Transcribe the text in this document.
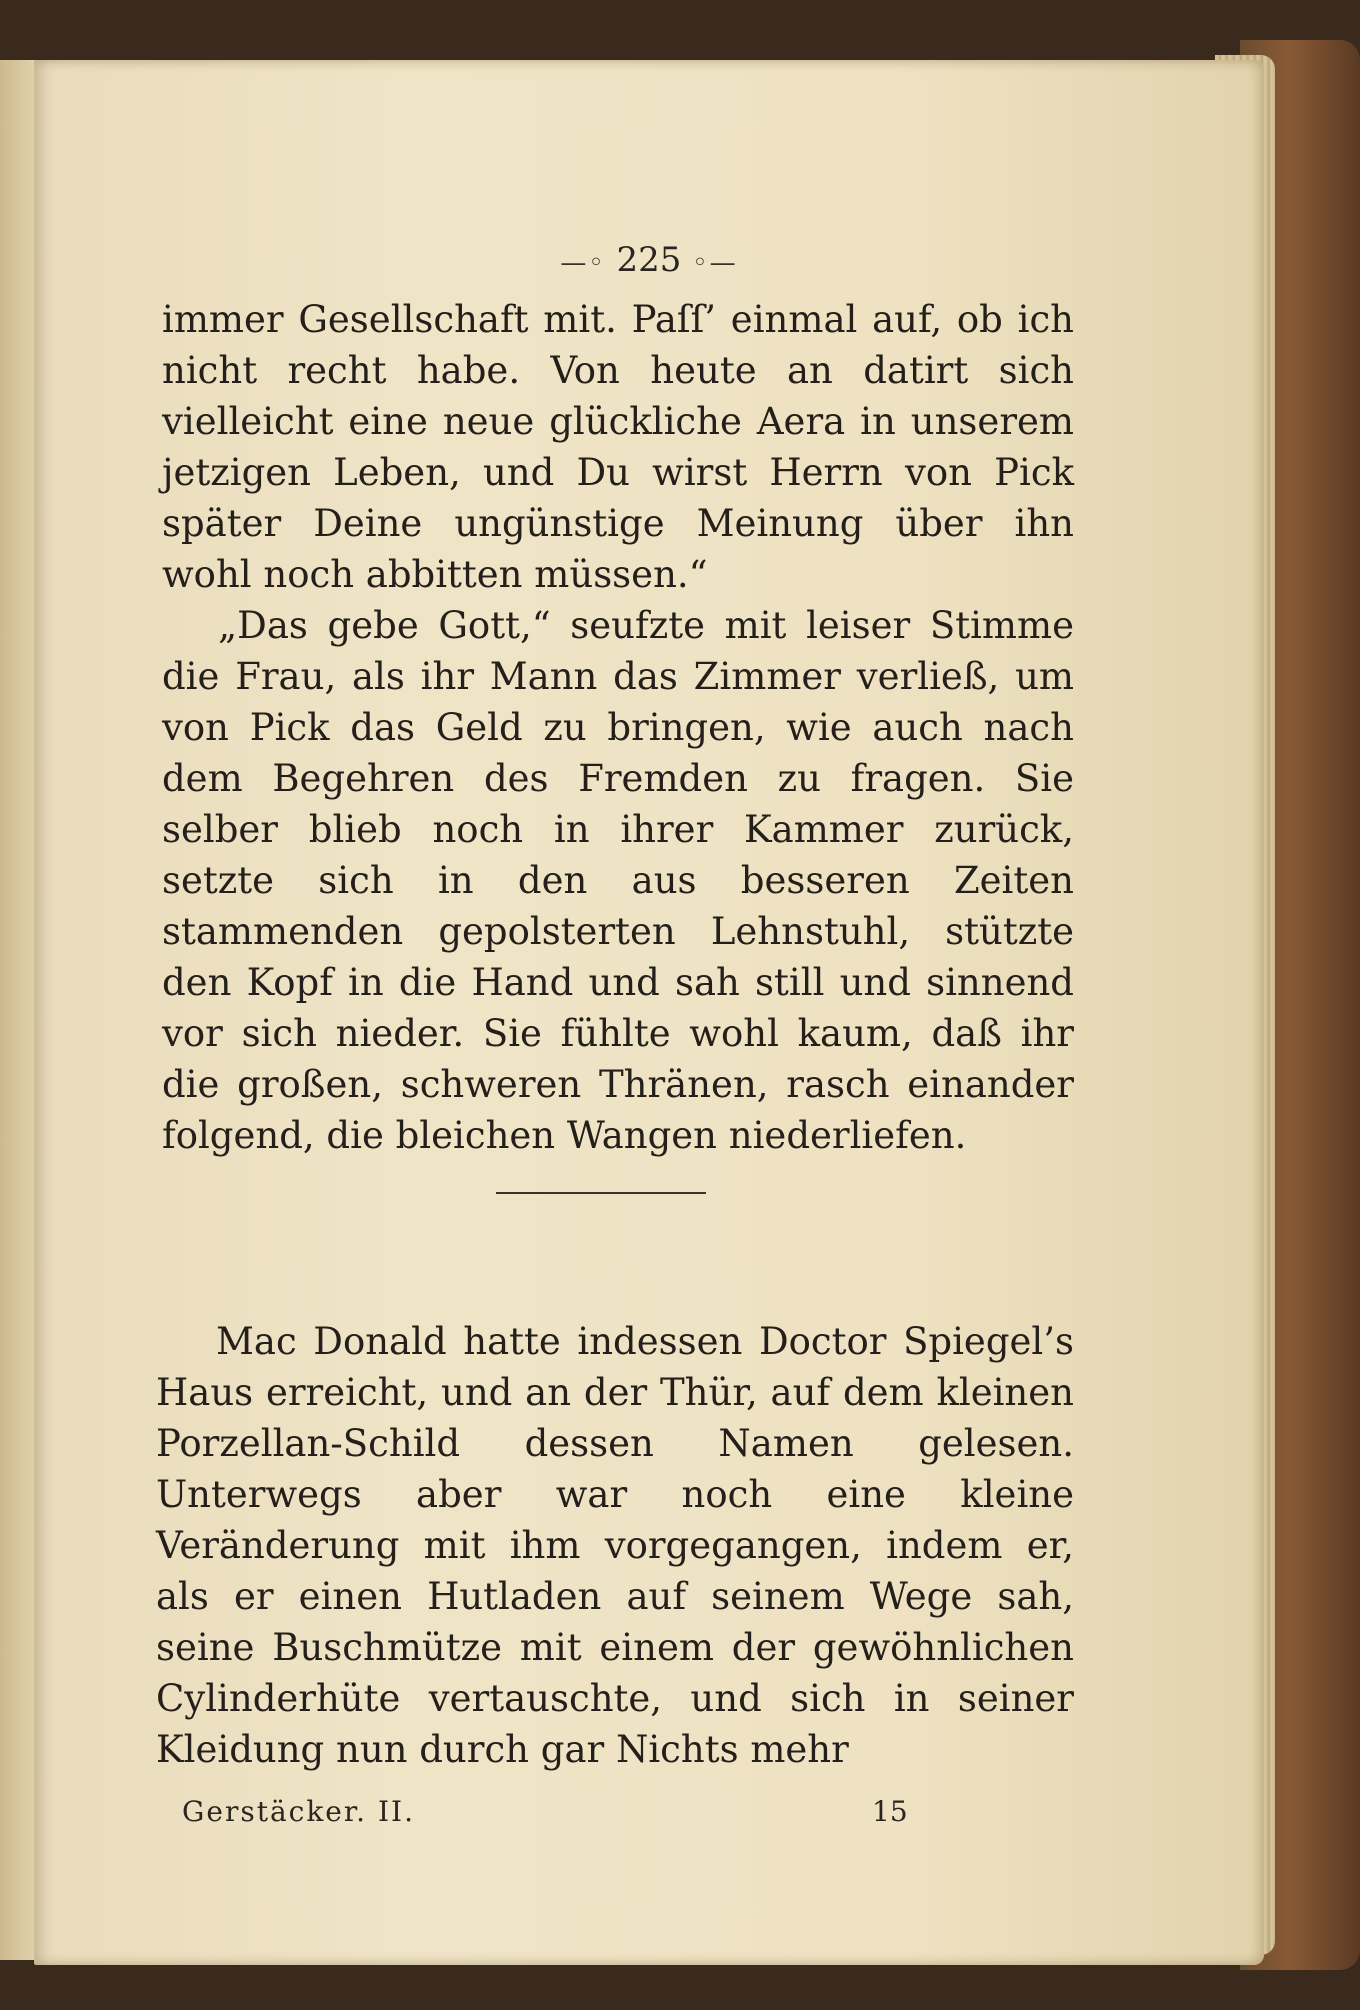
—◦ 225 ◦—

immer Gesellschaft mit. Paſſ’ einmal auf, ob ich nicht recht habe. Von heute an datirt sich vielleicht eine neue glückliche Aera in unserem jetzigen Leben, und Du wirst Herrn von Pick später Deine ungünstige Meinung über ihn wohl noch abbitten müssen.“

„Das gebe Gott,“ seufzte mit leiser Stimme die Frau, als ihr Mann das Zimmer verließ, um von Pick das Geld zu bringen, wie auch nach dem Begehren des Fremden zu fragen. Sie selber blieb noch in ihrer Kammer zurück, setzte sich in den aus besseren Zeiten stammenden gepolsterten Lehnstuhl, stützte den Kopf in die Hand und sah still und sinnend vor sich nieder. Sie fühlte wohl kaum, daß ihr die großen, schweren Thränen, rasch einander folgend, die bleichen Wangen niederliefen.

Mac Donald hatte indessen Doctor Spiegel’s Haus erreicht, und an der Thür, auf dem kleinen Porzellan-Schild dessen Namen gelesen. Unterwegs aber war noch eine kleine Veränderung mit ihm vorgegangen, indem er, als er einen Hutladen auf seinem Wege sah, seine Buschmütze mit einem der gewöhnlichen Cylinderhüte vertauschte, und sich in seiner Kleidung nun durch gar Nichts mehr

Gerstäcker. II.	15
